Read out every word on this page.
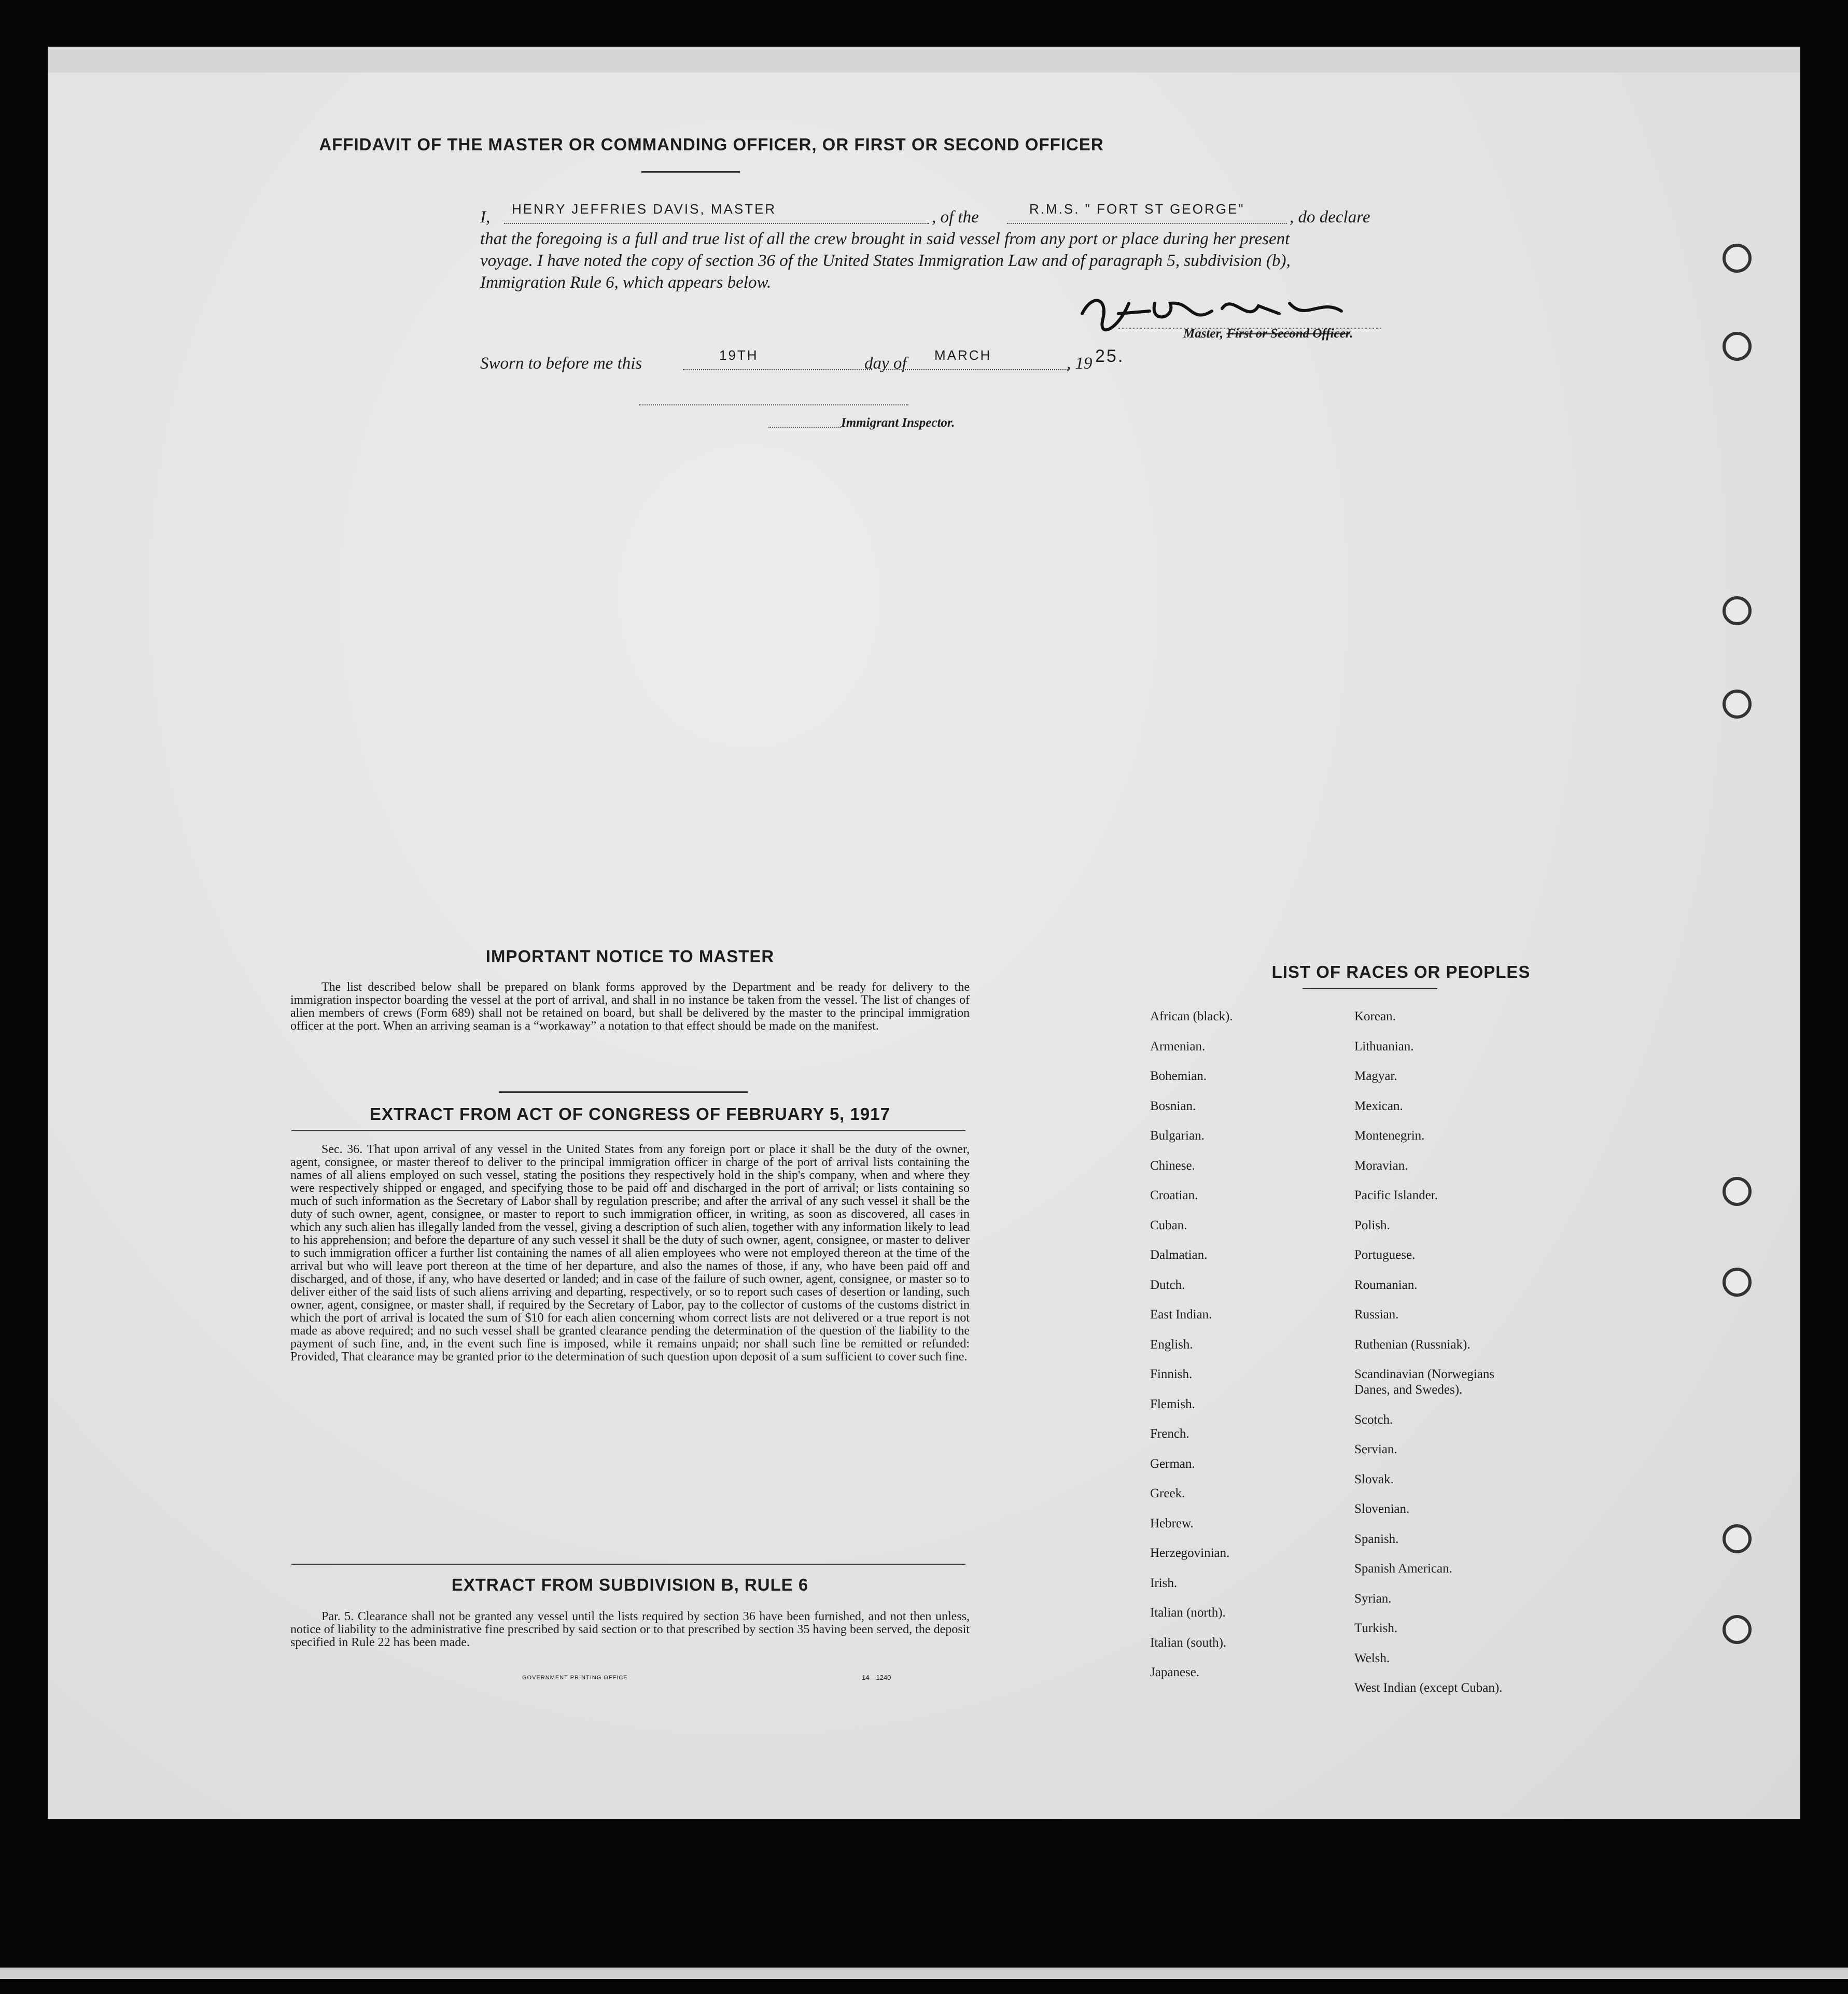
AFFIDAVIT OF THE MASTER OR COMMANDING OFFICER, OR FIRST OR SECOND OFFICER
I, HENRY JEFFRIES DAVIS, MASTER	, of the	R.M.S. " FORT ST GEORGE"	, do declare
that the foregoing is a full and true list of all the crew brought in said vessel from any port or place during her present
voyage. I have noted the copy of section 36 of the United States Immigration Law and of paragraph 5, subdivision (b),
Immigration Rule 6, which appears below.
Master, First or Second Officer.
Sworn to before me this	19TH	day of MARCH	, 19 25.
Immigrant Inspector.
IMPORTANT NOTICE TO MASTER

The list described below shall be prepared on blank forms approved by the Department and be ready for delivery to the immigration inspector boarding the vessel at the port of arrival, and shall in no instance be taken from the vessel. The list of changes of alien members of crews (Form 689) shall not be retained on board, but shall be delivered by the master to the principal immigration officer at the port. When an arriving seaman is a “workaway” a notation to that effect should be made on the manifest.

EXTRACT FROM ACT OF CONGRESS OF FEBRUARY 5, 1917

Sec. 36. That upon arrival of any vessel in the United States from any foreign port or place it shall be the duty of the owner, agent, consignee, or master thereof to deliver to the principal immigration officer in charge of the port of arrival lists containing the names of all aliens employed on such vessel, stating the positions they respectively hold in the ship's company, when and where they were respectively shipped or engaged, and specifying those to be paid off and discharged in the port of arrival; or lists containing so much of such information as the Secretary of Labor shall by regulation prescribe; and after the arrival of any such vessel it shall be the duty of such owner, agent, consignee, or master to report to such immigration officer, in writing, as soon as discovered, all cases in which any such alien has illegally landed from the vessel, giving a description of such alien, together with any information likely to lead to his apprehension; and before the departure of any such vessel it shall be the duty of such owner, agent, consignee, or master to deliver to such immigration officer a further list containing the names of all alien employees who were not employed thereon at the time of the arrival but who will leave port thereon at the time of her departure, and also the names of those, if any, who have been paid off and discharged, and of those, if any, who have deserted or landed; and in case of the failure of such owner, agent, consignee, or master so to deliver either of the said lists of such aliens arriving and departing, respectively, or so to report such cases of desertion or landing, such owner, agent, consignee, or master shall, if required by the Secretary of Labor, pay to the collector of customs of the customs district in which the port of arrival is located the sum of $10 for each alien concerning whom correct lists are not delivered or a true report is not made as above required; and no such vessel shall be granted clearance pending the determination of the question of the liability to the payment of such fine, and, in the event such fine is imposed, while it remains unpaid; nor shall such fine be remitted or refunded: Provided, That clearance may be granted prior to the determination of such question upon deposit of a sum sufficient to cover such fine.

EXTRACT FROM SUBDIVISION B, RULE 6

Par. 5. Clearance shall not be granted any vessel until the lists required by section 36 have been furnished, and not then unless, notice of liability to the administrative fine prescribed by said section or to that prescribed by section 35 having been served, the deposit specified in Rule 22 has been made.

GOVERNMENT PRINTING OFFICE	14—1240
LIST OF RACES OR PEOPLES
African (black).
Armenian.
Bohemian.
Bosnian.
Bulgarian.
Chinese.
Croatian.
Cuban.
Dalmatian.
Dutch.
East Indian.
English.
Finnish.
Flemish.
French.
German.
Greek.
Hebrew.
Herzegovinian.
Irish.
Italian (north).
Italian (south).
Japanese.
Korean.
Lithuanian.
Magyar.
Mexican.
Montenegrin.
Moravian.
Pacific Islander.
Polish.
Portuguese.
Roumanian.
Russian.
Ruthenian (Russniak).
Scandinavian (Norwegians
Danes, and Swedes).
Scotch.
Servian.
Slovak.
Slovenian.
Spanish.
Spanish American.
Syrian.
Turkish.
Welsh.
West Indian (except Cuban).
